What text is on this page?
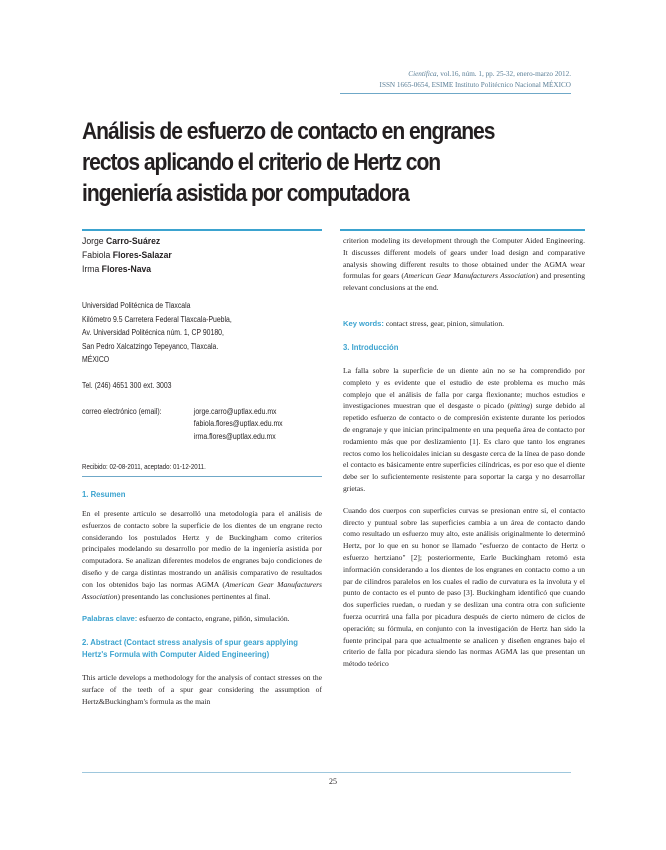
Científica, vol.16, núm. 1, pp. 25-32, enero-marzo 2012.
ISSN 1665-0654, ESIME Instituto Politécnico Nacional MÉXICO
Análisis de esfuerzo de contacto en engranes
rectos aplicando el criterio de Hertz con
ingeniería asistida por computadora
Jorge Carro-Suárez
Fabiola Flores-Salazar
Irma Flores-Nava
Universidad Politécnica de Tlaxcala
Kilómetro 9.5 Carretera Federal Tlaxcala-Puebla,
Av. Universidad Politécnica núm. 1, CP 90180,
San Pedro Xalcatzingo Tepeyanco, Tlaxcala.
MÉXICO
Tel. (246) 4651 300 ext. 3003
correo electrónico (email):	jorge.carro@uptlax.edu.mx
fabiola.flores@uptlax.edu.mx
irma.flores@uptlax.edu.mx
Recibido: 02-08-2011, aceptado: 01-12-2011.
1. Resumen
En el presente artículo se desarrolló una metodología para el análisis de esfuerzos de contacto sobre la superficie de los dientes de un engrane recto considerando los postulados Hertz y de Buckingham como criterios principales modelando su desarrollo por medio de la ingeniería asistida por computadora. Se analizan diferentes modelos de engranes bajo condiciones de diseño y de carga distintas mostrando un análisis comparativo de resultados con los obtenidos bajo las normas AGMA (American Gear Manufacturers Association) presentando las conclusiones pertinentes al final.
Palabras clave: esfuerzo de contacto, engrane, piñón, simulación.
2. Abstract (Contact stress analysis of spur gears applying Hertz's Formula with Computer Aided Engineering)
This article develops a methodology for the analysis of contact stresses on the surface of the teeth of a spur gear considering the assumption of Hertz&Buckingham's formula as the main
criterion modeling its development through the Computer Aided Engineering. It discusses different models of gears under load design and comparative analysis showing different results to those obtained under the AGMA wear formulas for gears (American Gear Manufacturers Association) and presenting relevant conclusions at the end.
Key words: contact stress, gear, pinion, simulation.
3. Introducción

La falla sobre la superficie de un diente aún no se ha comprendido por completo y es evidente que el estudio de este problema es mucho más complejo que el análisis de falla por carga flexionante; muchos estudios e investigaciones muestran que el desgaste o picado (pitting) surge debido al repetido esfuerzo de contacto o de compresión existente durante los periodos de engranaje y que inician principalmente en una pequeña área de contacto por rodamiento más que por deslizamiento [1]. Es claro que tanto los engranes rectos como los helicoidales inician su desgaste cerca de la línea de paso donde el contacto es básicamente entre superficies cilíndricas, es por eso que el diente debe ser lo suficientemente resistente para soportar la carga y no desarrollar grietas.

Cuando dos cuerpos con superficies curvas se presionan entre sí, el contacto directo y puntual sobre las superficies cambia a un área de contacto dando como resultado un esfuerzo muy alto, este análisis originalmente lo determinó Hertz, por lo que en su honor se llamado "esfuerzo de contacto de Hertz o esfuerzo hertziano" [2]; posteriormente, Earle Buckingham retomó esta información considerando a los dientes de los engranes en contacto como a un par de cilindros paralelos en los cuales el radio de curvatura es la involuta y el punto de contacto es el punto de paso [3]. Buckingham identificó que cuando dos superficies ruedan, o ruedan y se deslizan una contra otra con suficiente fuerza ocurrirá una falla por picadura después de cierto número de ciclos de operación; su fórmula, en conjunto con la investigación de Hertz han sido la fuente principal para que actualmente se analicen y diseñen engranes bajo el criterio de falla por picadura siendo las normas AGMA las que presentan un método teórico

25
